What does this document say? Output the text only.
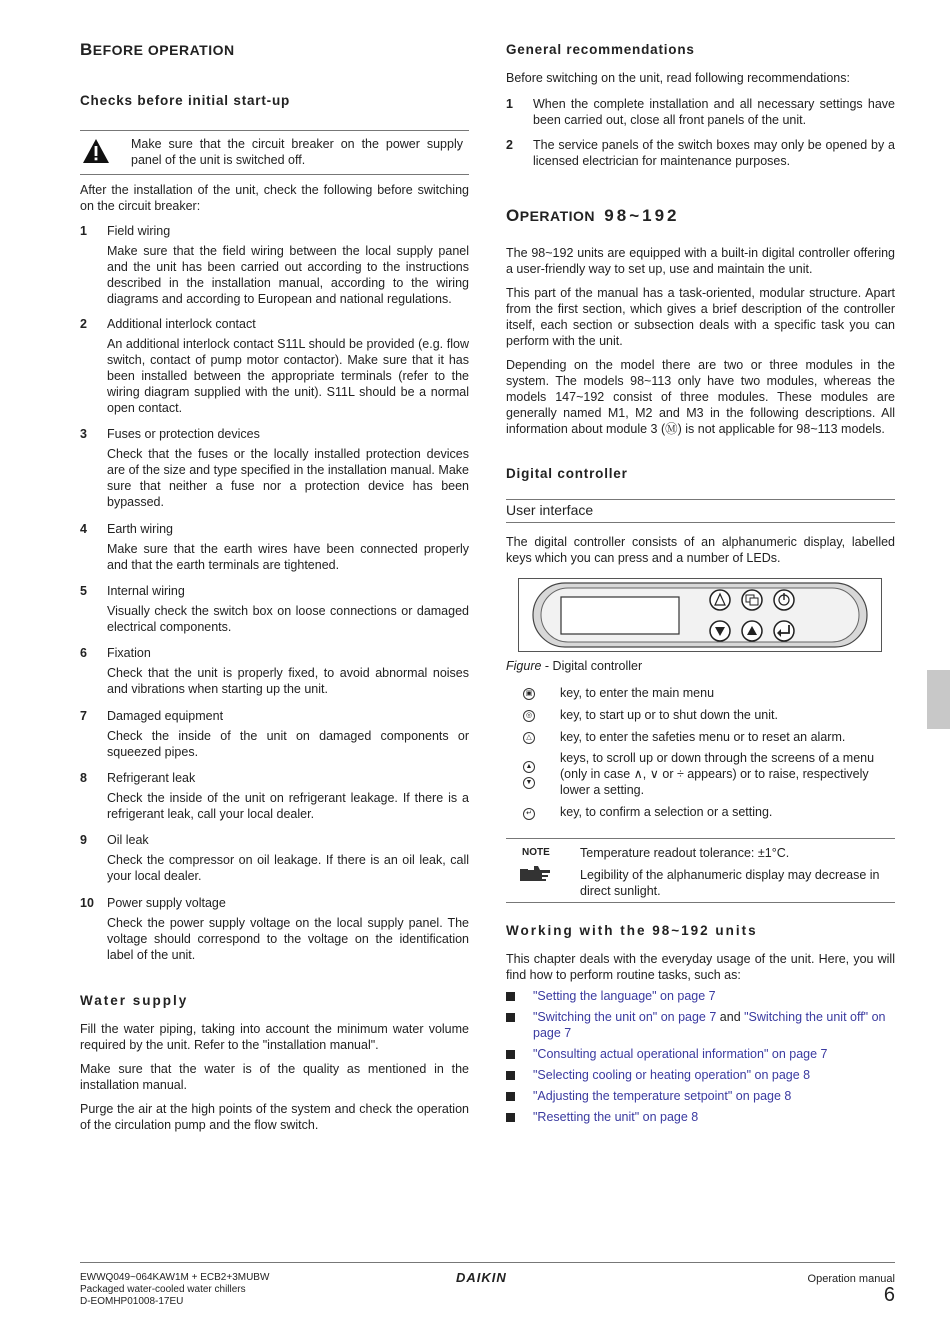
BEFORE OPERATION
Checks before initial start-up

Make sure that the circuit breaker on the power supply panel of the unit is switched off.

After the installation of the unit, check the following before switching on the circuit breaker:

1 Field wiring

Make sure that the field wiring between the local supply panel and the unit has been carried out according to the instructions described in the installation manual, according to the wiring diagrams and according to European and national regulations.

2 Additional interlock contact

An additional interlock contact S11L should be provided (e.g. flow switch, contact of pump motor contactor). Make sure that it has been installed between the appropriate terminals (refer to the wiring diagram supplied with the unit). S11L should be a normal open contact.

3 Fuses or protection devices

Check that the fuses or the locally installed protection devices are of the size and type specified in the installation manual. Make sure that neither a fuse nor a protection device has been bypassed.

4 Earth wiring

Make sure that the earth wires have been connected properly and that the earth terminals are tightened.

5 Internal wiring

Visually check the switch box on loose connections or damaged electrical components.

6 Fixation

Check that the unit is properly fixed, to avoid abnormal noises and vibrations when starting up the unit.

7 Damaged equipment

Check the inside of the unit on damaged components or squeezed pipes.

8 Refrigerant leak

Check the inside of the unit on refrigerant leakage. If there is a refrigerant leak, call your local dealer.

9 Oil leak

Check the compressor on oil leakage. If there is an oil leak, call your local dealer.

10 Power supply voltage

Check the power supply voltage on the local supply panel. The voltage should correspond to the voltage on the identification label of the unit.

Water supply

Fill the water piping, taking into account the minimum water volume required by the unit. Refer to the "installation manual".

Make sure that the water is of the quality as mentioned in the installation manual.

Purge the air at the high points of the system and check the operation of the circulation pump and the flow switch.

General recommendations

Before switching on the unit, read following recommendations:

1 When the complete installation and all necessary settings have been carried out, close all front panels of the unit.

2 The service panels of the switch boxes may only be opened by a licensed electrician for maintenance purposes.

OPERATION 98~192

The 98~192 units are equipped with a built-in digital controller offering a user-friendly way to set up, use and maintain the unit.

This part of the manual has a task-oriented, modular structure. Apart from the first section, which gives a brief description of the controller itself, each section or subsection deals with a specific task you can perform with the unit.

Depending on the model there are two or three modules in the system. The models 98~113 only have two modules, whereas the models 147~192 consist of three modules. These modules are generally named M1, M2 and M3 in the following descriptions. All information about module 3 (Ⓜ) is not applicable for 98~113 models.

Digital controller
User interface

The digital controller consists of an alphanumeric display, labelled keys which you can press and a number of LEDs.

Figure - Digital controller
▣ key, to enter the main menu

◎ key, to start up or to shut down the unit.

△ key, to enter the safeties menu or to reset an alarm.

▲
▼

keys, to scroll up or down through the screens of a menu (only in case ∧, ∨ or ÷ appears) or to raise, respectively lower a setting.

↵ key, to confirm a selection or a setting.

NOTE Temperature readout tolerance: ±1°C.

Legibility of the alphanumeric display may decrease in direct sunlight.

Working with the 98~192 units

This chapter deals with the everyday usage of the unit. Here, you will find how to perform routine tasks, such as:

"Setting the language" on page 7
"Switching the unit on" on page 7 and "Switching the unit off" on page 7
"Consulting actual operational information" on page 7
"Selecting cooling or heating operation" on page 8
"Adjusting the temperature setpoint" on page 8
"Resetting the unit" on page 8
EWWQ049~064KAW1M + ECB2+3MUBW
Packaged water-cooled water chillers
D-EOMHP01008-17EU
DAIKIN	Operation manual
6
